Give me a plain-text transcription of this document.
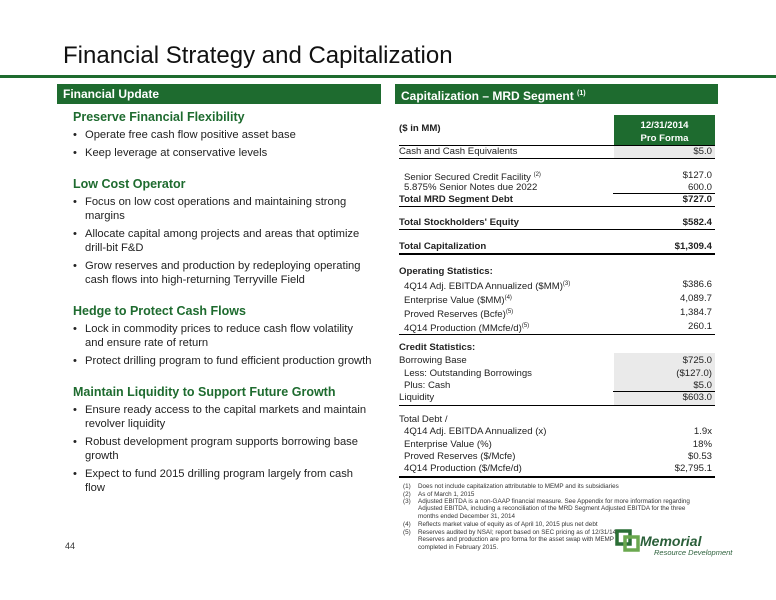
Financial Strategy and Capitalization
Financial Update	Capitalization – MRD Segment $^{(1)}$
Preserve Financial Flexibility
• Operate free cash flow positive asset base
• Keep leverage at conservative levels
Low Cost Operator
• Focus on low cost operations and maintaining strong margins
• Allocate capital among projects and areas that optimize drill-bit F&D
• Grow reserves and production by redeploying operating cash flows into high-returning Terryville Field
Hedge to Protect Cash Flows
• Lock in commodity prices to reduce cash flow volatility and ensure rate of return
• Protect drilling program to fund efficient production growth
Maintain Liquidity to Support Future Growth
• Ensure ready access to the capital markets and maintain revolver liquidity
• Robust development program supports borrowing base growth
• Expect to fund 2015 drilling program largely from cash flow
44
12/31/2014
Pro Forma
($ in MM)
Cash and Cash Equivalents	$5.0
Senior Secured Credit Facility $^{(2)}$	$127.0
5.875% Senior Notes due 2022	600.0
Total MRD Segment Debt	$727.0
Total Stockholders' Equity	$582.4
Total Capitalization	$1,309.4
Operating Statistics:
4Q14 Adj. EBITDA Annualized ($MM)$^{(3)}$	$386.6
Enterprise Value ($MM)$^{(4)}$	4,089.7
Proved Reserves (Bcfe)$^{(5)}$	1,384.7
4Q14 Production (MMcfe/d)$^{(5)}$	260.1
Credit Statistics:
Borrowing Base	$725.0
Less: Outstanding Borrowings	($127.0)
Plus: Cash	$5.0
Liquidity	$603.0
Total Debt /
4Q14 Adj. EBITDA Annualized (x)	1.9x
Enterprise Value (%)	18%
Proved Reserves ($/Mcfe)	$0.53
4Q14 Production ($/Mcfe/d)	$2,795.1
(1)	Does not include capitalization attributable to MEMP and its subsidiaries
(2)	As of March 1, 2015
(3)	Adjusted EBITDA is a non-GAAP financial measure. See Appendix for more information regarding Adjusted EBITDA, including a reconciliation of the MRD Segment Adjusted EBITDA for the three months ended December 31, 2014
(4)	Reflects market value of equity as of April 10, 2015 plus net debt
(5)	Reserves audited by NSAI; report based on SEC pricing as of 12/31/14. Reserves and production are pro forma for the asset swap with MEMP completed in February 2015.	Memorial
Resource Development
